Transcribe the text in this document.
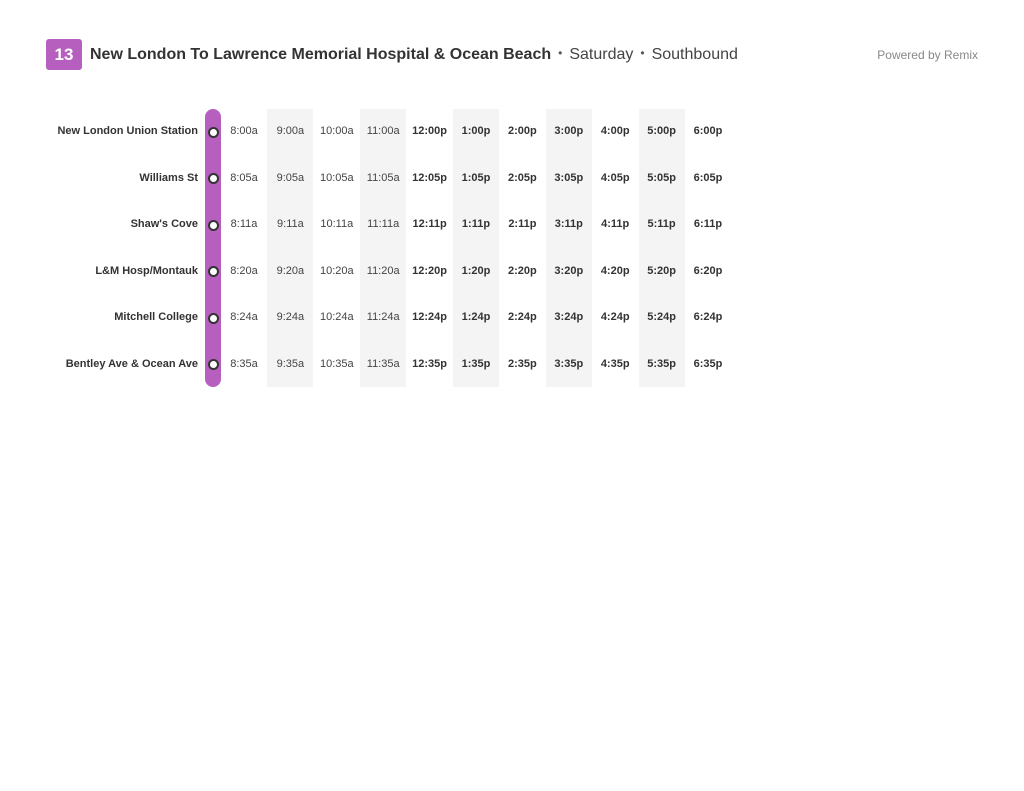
13	New London To Lawrence Memorial Hospital & Ocean Beach • Saturday • Southbound	Powered by Remix
New London Union Station
Williams St
Shaw's Cove
L&M Hosp/Montauk
Mitchell College
Bentley Ave & Ocean Ave
8:00a
8:05a
8:11a
8:20a
8:24a
8:35a
9:00a
9:05a
9:11a
9:20a
9:24a
9:35a
10:00a
10:05a
10:11a
10:20a
10:24a
10:35a
11:00a
11:05a
11:11a
11:20a
11:24a
11:35a
12:00p
12:05p
12:11p
12:20p
12:24p
12:35p
1:00p
1:05p
1:11p
1:20p
1:24p
1:35p
2:00p
2:05p
2:11p
2:20p
2:24p
2:35p
3:00p
3:05p
3:11p
3:20p
3:24p
3:35p
4:00p
4:05p
4:11p
4:20p
4:24p
4:35p
5:00p
5:05p
5:11p
5:20p
5:24p
5:35p
6:00p
6:05p
6:11p
6:20p
6:24p
6:35p
